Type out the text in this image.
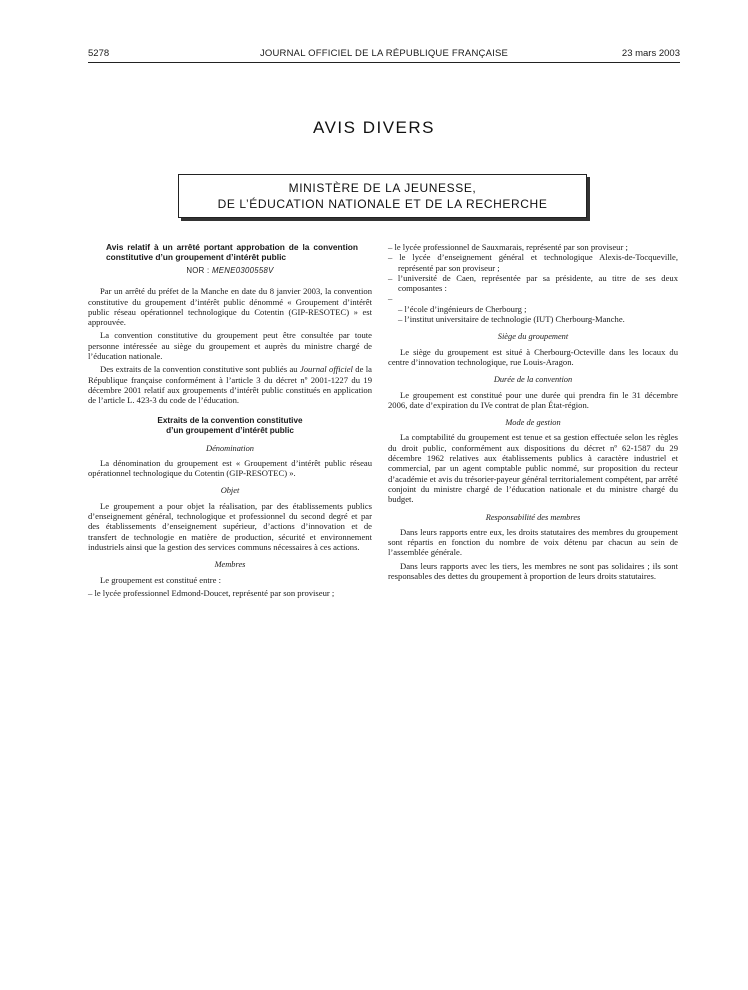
5278	JOURNAL OFFICIEL DE LA RÉPUBLIQUE FRANÇAISE	23 mars 2003
AVIS DIVERS
MINISTÈRE DE LA JEUNESSE,
DE L’ÉDUCATION NATIONALE ET DE LA RECHERCHE
Avis relatif à un arrêté portant approbation de la convention constitutive d’un groupement d’intérêt public
NOR : MENE0300558V

Par un arrêté du préfet de la Manche en date du 8 janvier 2003, la convention constitutive du groupement d’intérêt public dénommé « Groupement d’intérêt public réseau opérationnel technologique du Cotentin (GIP-RESOTEC) » est approuvée.

La convention constitutive du groupement peut être consultée par toute personne intéressée au siège du groupement et auprès du ministre chargé de l’éducation nationale.

Des extraits de la convention constitutive sont publiés au Journal officiel de la République française conformément à l’article 3 du décret nº 2001-1227 du 19 décembre 2001 relatif aux groupements d’intérêt public constitués en application de l’article L. 423-3 du code de l’éducation.

Extraits de la convention constitutive
d’un groupement d’intérêt public
Dénomination

La dénomination du groupement est « Groupement d’intérêt public réseau opérationnel technologique du Cotentin (GIP-RESOTEC) ».

Objet

Le groupement a pour objet la réalisation, par des établissements publics d’enseignement général, technologique et professionnel du second degré et par des établissements d’enseignement supérieur, d’actions d’innovation et de transfert de technologie en matière de production, sécurité et environnement industriels ainsi que la gestion des services communs nécessaires à ces actions.

Membres

Le groupement est constitué entre :

– le lycée professionnel Edmond-Doucet, représenté par son proviseur ;
– le lycée professionnel de Sauxmarais, représenté par son proviseur ;
– le lycée d’enseignement général et technologique Alexis-de-Tocqueville, représenté par son proviseur ;
– l’université de Caen, représentée par sa présidente, au titre de ses deux composantes :
– – l’école d’ingénieurs de Cherbourg ;
– l’institut universitaire de technologie (IUT) Cherbourg-Manche.
Siège du groupement

Le siège du groupement est situé à Cherbourg-Octeville dans les locaux du centre d’innovation technologique, rue Louis-Aragon.

Durée de la convention

Le groupement est constitué pour une durée qui prendra fin le 31 décembre 2006, date d’expiration du IVe contrat de plan État-région.

Mode de gestion

La comptabilité du groupement est tenue et sa gestion effectuée selon les règles du droit public, conformément aux dispositions du décret nº 62-1587 du 29 décembre 1962 relatives aux établissements publics à caractère industriel et commercial, par un agent comptable public nommé, sur proposition du recteur d’académie et avis du trésorier-payeur général territorialement compétent, par arrêté conjoint du ministre chargé de l’éducation nationale et du ministre chargé du budget.

Responsabilité des membres

Dans leurs rapports entre eux, les droits statutaires des membres du groupement sont répartis en fonction du nombre de voix détenu par chacun au sein de l’assemblée générale.

Dans leurs rapports avec les tiers, les membres ne sont pas solidaires ; ils sont responsables des dettes du groupement à proportion de leurs droits statutaires.
